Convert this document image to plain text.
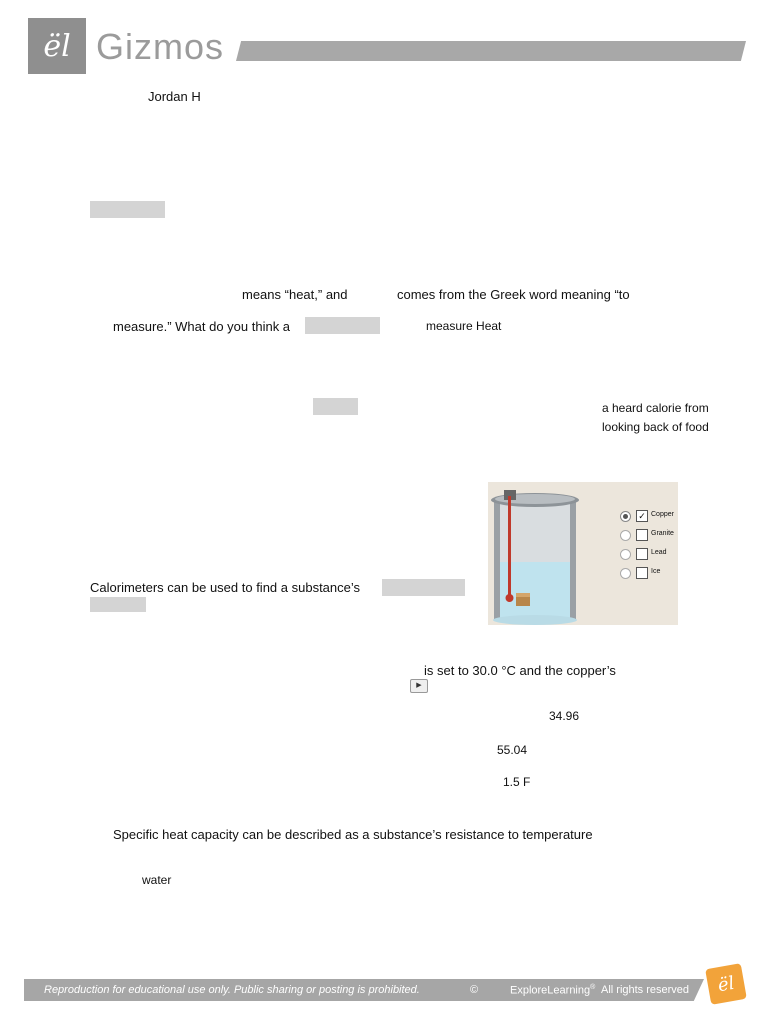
ël Gizmos
Jordan H
means “heat,” and	comes from the Greek word meaning “to
measure.” What do you think a	measure Heat
a heard calorie from
looking back of food
✓ Copper
Granite
Lead
Ice
Calorimeters can be used to find a substance’s
is set to 30.0 °C and the copper’s
▶
34.96
55.04
1.5 F
Specific heat capacity can be described as a substance’s resistance to temperature
water
Reproduction for educational use only. Public sharing or posting is prohibited.	©	ExploreLearning® All rights reserved ël
